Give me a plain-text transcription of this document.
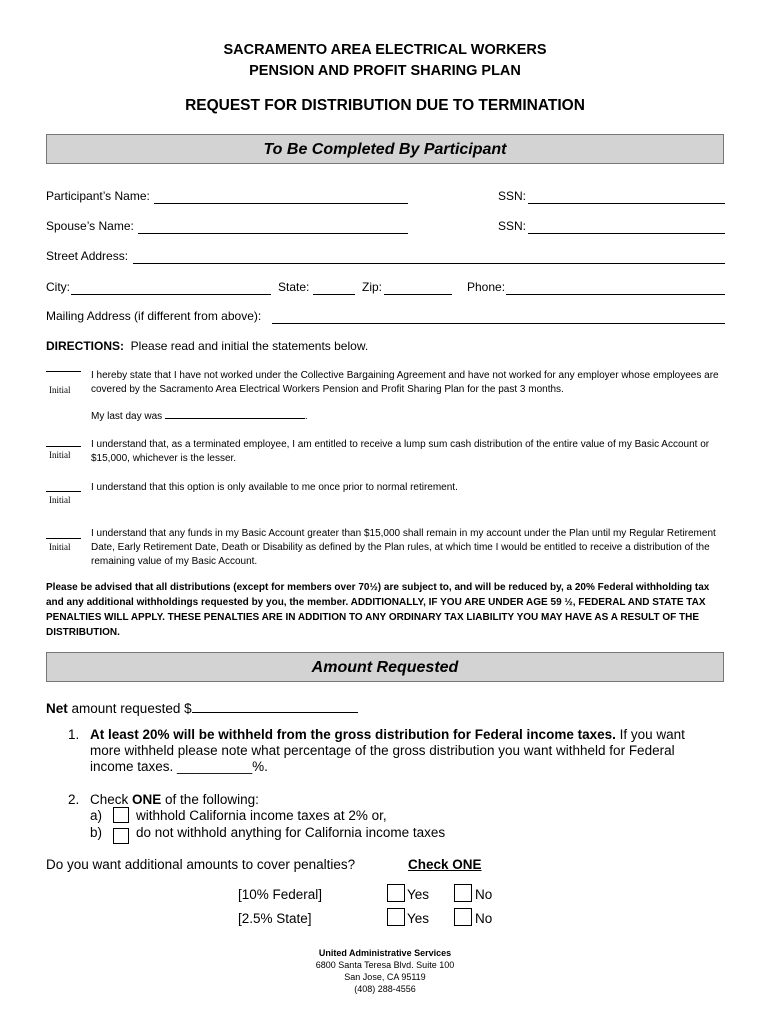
SACRAMENTO AREA ELECTRICAL WORKERS
PENSION AND PROFIT SHARING PLAN
REQUEST FOR DISTRIBUTION DUE TO TERMINATION
To Be Completed By Participant
Participant’s Name:	SSN:
Spouse’s Name:	SSN:
Street Address:
City:	State:	Zip:	Phone:
Mailing Address (if different from above):
DIRECTIONS: Please read and initial the statements below.
Initial
I hereby state that I have not worked under the Collective Bargaining Agreement and have not worked for any employer whose employees are covered by the Sacramento Area Electrical Workers Pension and Profit Sharing Plan for the past 3 months.
My last day was	.
Initial
I understand that, as a terminated employee, I am entitled to receive a lump sum cash distribution of the entire value of my Basic Account or $15,000, whichever is the lesser.
Initial
I understand that this option is only available to me once prior to normal retirement.
Initial
I understand that any funds in my Basic Account greater than $15,000 shall remain in my account under the Plan until my Regular Retirement Date, Early Retirement Date, Death or Disability as defined by the Plan rules, at which time I would be entitled to receive a distribution of the remaining value of my Basic Account.
Please be advised that all distributions (except for members over 70½) are subject to, and will be reduced by, a 20% Federal withholding tax and any additional withholdings requested by you, the member. ADDITIONALLY, IF YOU ARE UNDER AGE 59 ½, FEDERAL AND STATE TAX PENALTIES WILL APPLY. THESE PENALTIES ARE IN ADDITION TO ANY ORDINARY TAX LIABILITY YOU MAY HAVE AS A RESULT OF THE DISTRIBUTION.
Amount Requested
Net amount requested $
1. At least 20% will be withheld from the gross distribution for Federal income taxes. If you want more withheld please note what percentage of the gross distribution you want withheld for Federal income taxes. __________%.
2. Check ONE of the following:
a)	withhold California income taxes at 2% or,
b)	do not withhold anything for California income taxes
Do you want additional amounts to cover penalties?	Check ONE
[10% Federal]	Yes	No
[2.5% State]	Yes	No
United Administrative Services
6800 Santa Teresa Blvd. Suite 100
San Jose, CA 95119
(408) 288-4556
